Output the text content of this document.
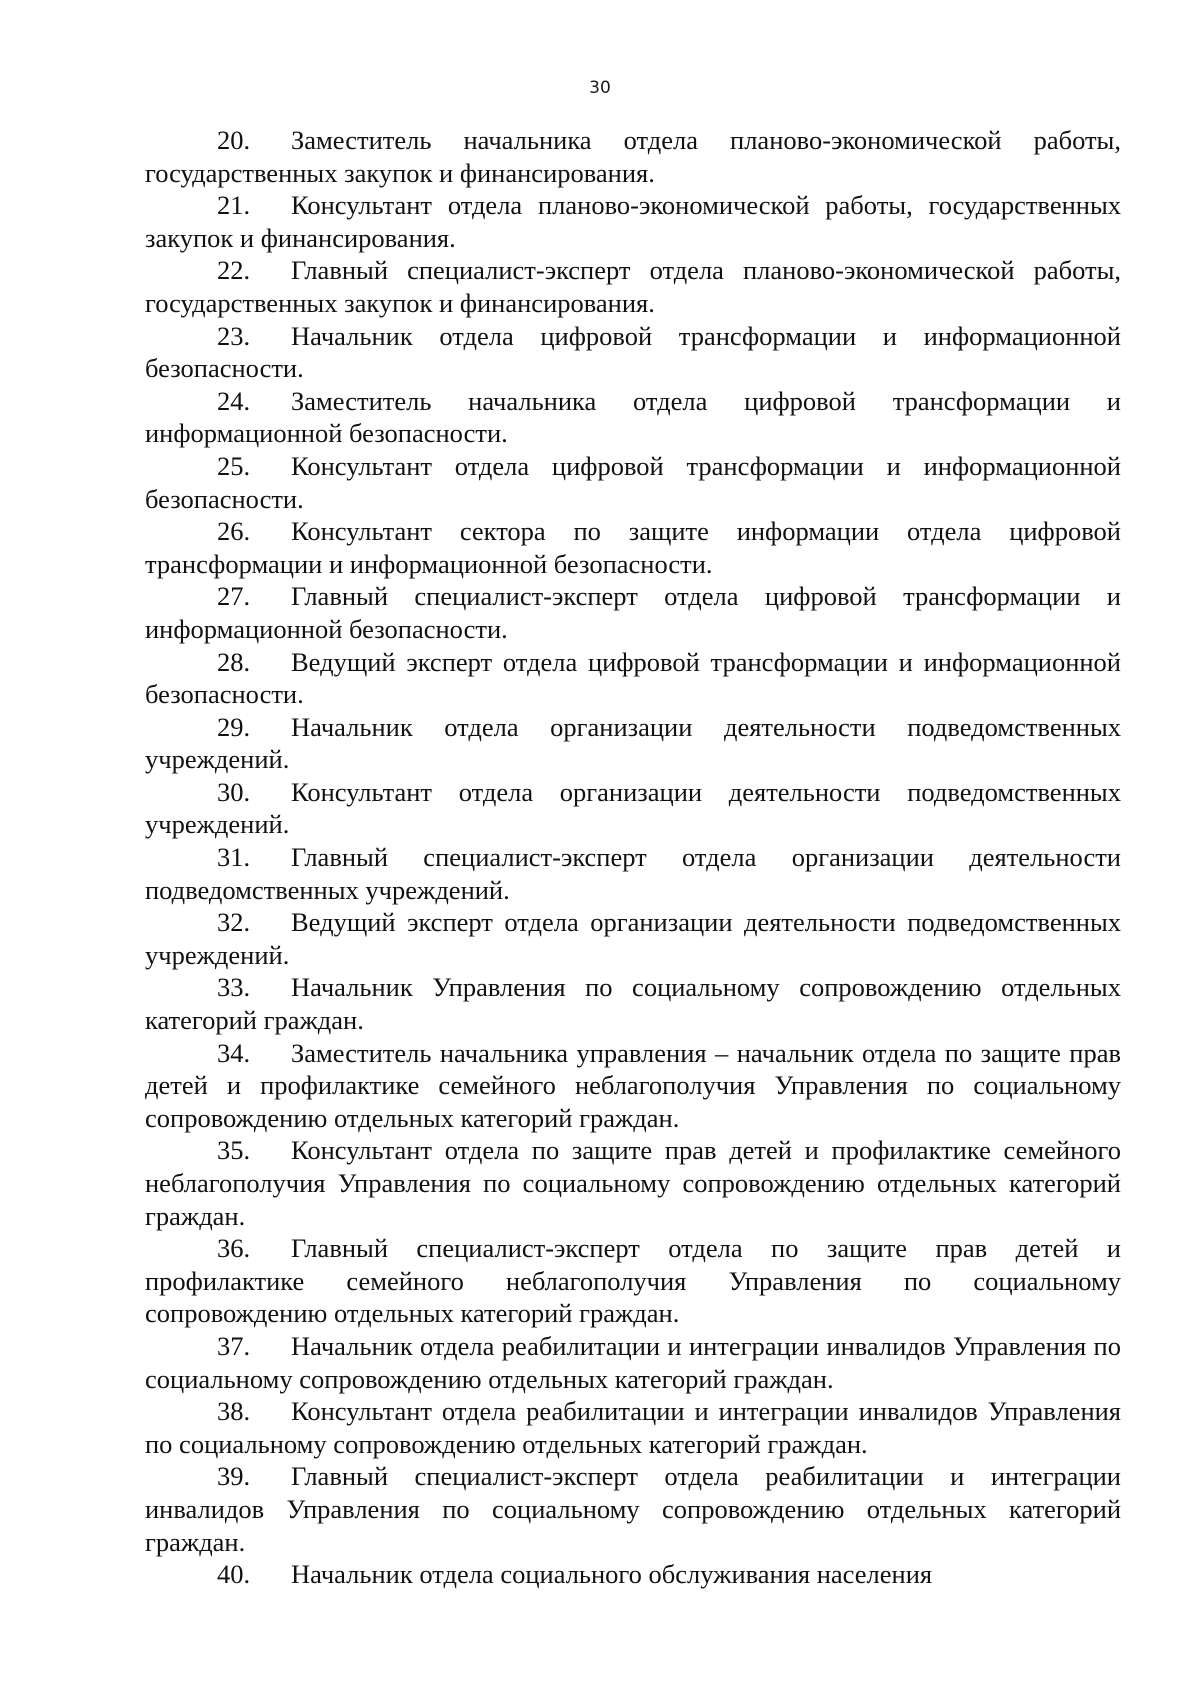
30
20. Заместитель начальника отдела планово-экономической работы, государственных закупок и финансирования.
21. Консультант отдела планово-экономической работы, государственных закупок и финансирования.
22. Главный специалист-эксперт отдела планово-экономической работы, государственных закупок и финансирования.
23. Начальник отдела цифровой трансформации и информационной безопасности.
24. Заместитель начальника отдела цифровой трансформации и информационной безопасности.
25. Консультант отдела цифровой трансформации и информационной безопасности.
26. Консультант сектора по защите информации отдела цифровой трансформации и информационной безопасности.
27. Главный специалист-эксперт отдела цифровой трансформации и информационной безопасности.
28. Ведущий эксперт отдела цифровой трансформации и информационной безопасности.
29. Начальник отдела организации деятельности подведомственных учреждений.
30. Консультант отдела организации деятельности подведомственных учреждений.
31. Главный специалист-эксперт отдела организации деятельности подведомственных учреждений.
32. Ведущий эксперт отдела организации деятельности подведомственных учреждений.
33. Начальник Управления по социальному сопровождению отдельных категорий граждан.
34. Заместитель начальника управления – начальник отдела по защите прав детей и профилактике семейного неблагополучия Управления по социальному сопровождению отдельных категорий граждан.
35. Консультант отдела по защите прав детей и профилактике семейного неблагополучия Управления по социальному сопровождению отдельных категорий граждан.
36. Главный специалист-эксперт отдела по защите прав детей и профилактике семейного неблагополучия Управления по социальному сопровождению отдельных категорий граждан.
37. Начальник отдела реабилитации и интеграции инвалидов Управления по социальному сопровождению отдельных категорий граждан.
38. Консультант отдела реабилитации и интеграции инвалидов Управления по социальному сопровождению отдельных категорий граждан.
39. Главный специалист-эксперт отдела реабилитации и интеграции инвалидов Управления по социальному сопровождению отдельных категорий граждан.
40. Начальник отдела социального обслуживания населения
